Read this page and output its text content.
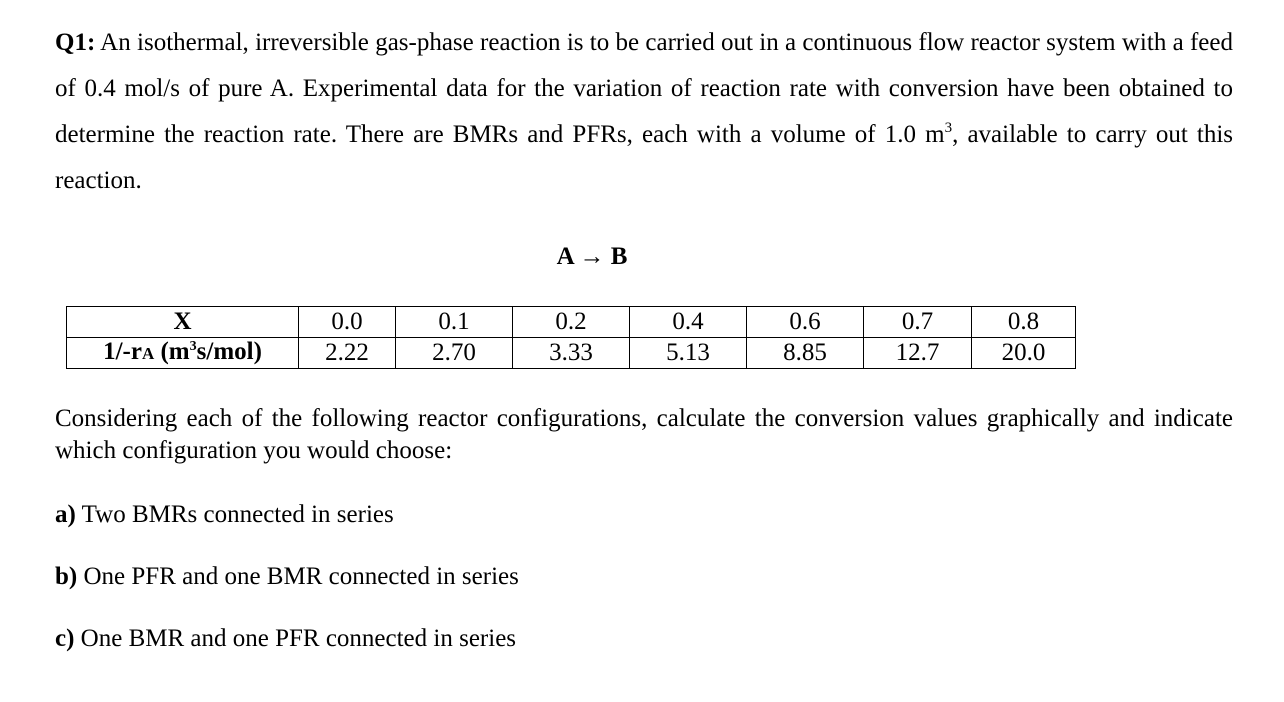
Q1: An isothermal, irreversible gas-phase reaction is to be carried out in a continuous flow reactor system with a feed of 0.4 mol/s of pure A. Experimental data for the variation of reaction rate with conversion have been obtained to determine the reaction rate. There are BMRs and PFRs, each with a volume of 1.0 $m^3$, available to carry out this reaction.

A → B

X	0.0	0.1	0.2	0.4	0.6	0.7	0.8
1/-rA $(m^3s/mol)$	2.22	2.70	3.33	5.13	8.85	12.7	20.0

Considering each of the following reactor configurations, calculate the conversion values graphically and indicate which configuration you would choose:

a) Two BMRs connected in series

b) One PFR and one BMR connected in series

c) One BMR and one PFR connected in series
